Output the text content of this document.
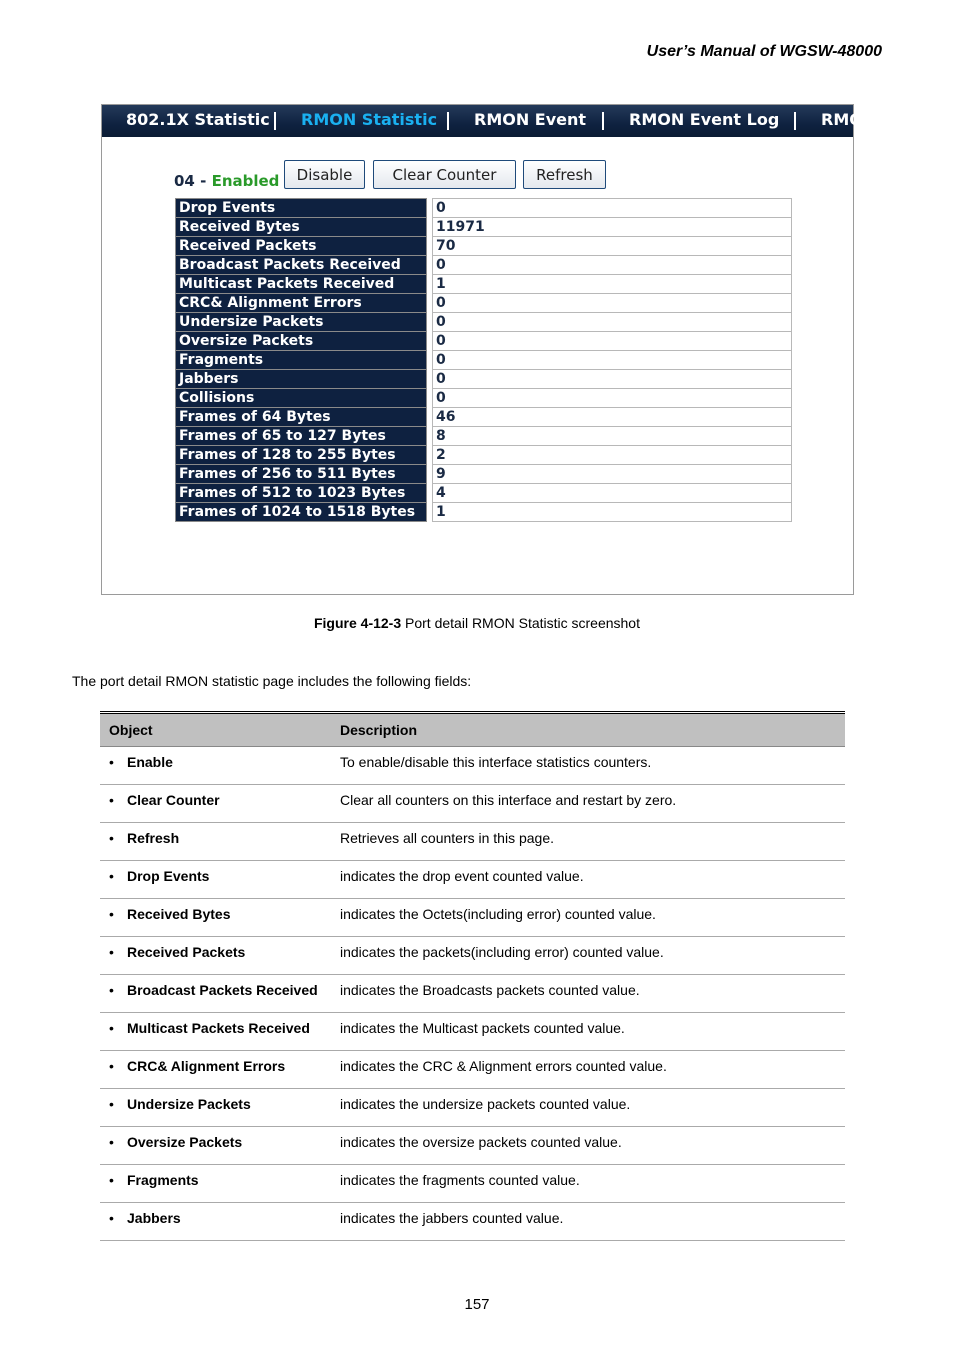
User’s Manual of WGSW-48000
802.1X Statistic RMON Statistic RMON Event	RMON Event Log	RMO
04 - Enabled	Disable	Clear Counter	Refresh
Drop Events		0
Received Bytes		11971
Received Packets		70
Broadcast Packets Received		0
Multicast Packets Received		1
CRC& Alignment Errors		0
Undersize Packets		0
Oversize Packets		0
Fragments		0
Jabbers		0
Collisions		0
Frames of 64 Bytes		46
Frames of 65 to 127 Bytes		8
Frames of 128 to 255 Bytes		2
Frames of 256 to 511 Bytes		9
Frames of 512 to 1023 Bytes		4
Frames of 1024 to 1518 Bytes		1
Figure 4-12-3 Port detail RMON Statistic screenshot
The port detail RMON statistic page includes the following fields:
Object	Description
• Enable	To enable/disable this interface statistics counters.
• Clear Counter	Clear all counters on this interface and restart by zero.
• Refresh	Retrieves all counters in this page.
• Drop Events	indicates the drop event counted value.
• Received Bytes	indicates the Octets(including error) counted value.
• Received Packets	indicates the packets(including error) counted value.
• Broadcast Packets Received	indicates the Broadcasts packets counted value.
• Multicast Packets Received	indicates the Multicast packets counted value.
• CRC& Alignment Errors	indicates the CRC & Alignment errors counted value.
• Undersize Packets	indicates the undersize packets counted value.
• Oversize Packets	indicates the oversize packets counted value.
• Fragments	indicates the fragments counted value.
• Jabbers	indicates the jabbers counted value.
157
